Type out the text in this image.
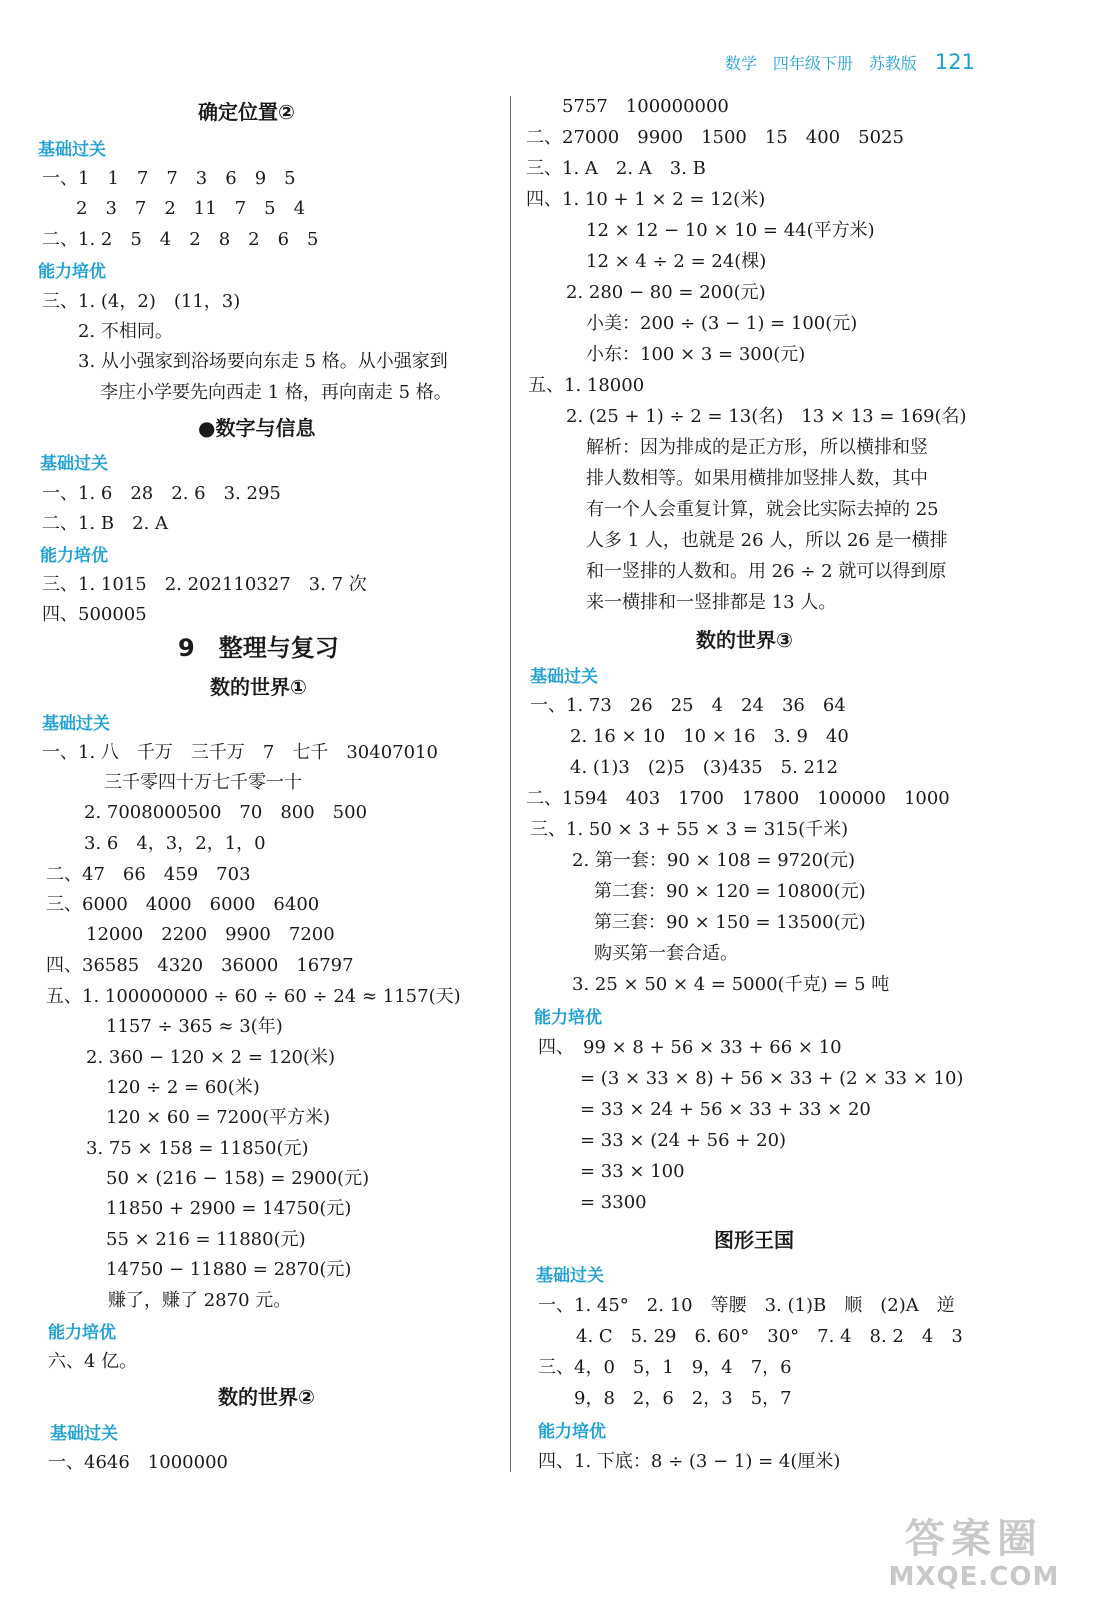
数学 四年级下册 苏教版 121
确定位置②
基础过关
一、1　1　7　7　3　6　9　5
2　3　7　2　11　7　5　4
二、1. 2　5　4　2　8　2　6　5
能力培优
三、1. (4，2)　(11，3)
2. 不相同。
3. 从小强家到浴场要向东走 5 格。从小强家到
李庄小学要先向西走 1 格，再向南走 5 格。
●数字与信息
基础过关
一、1. 6　28　2. 6　3. 295
二、1. B　2. A
能力培优
三、1. 1015　2. 202110327　3. 7 次
四、500005
9　整理与复习
数的世界①
基础过关
一、1. 八　千万　三千万　7　七千　30407010
三千零四十万七千零一十
2. 7008000500　70　800　500
3. 6　4，3，2，1，0
二、47　66　459　703
三、6000　4000　6000　6400
12000　2200　9900　7200
四、36585　4320　36000　16797
五、1. 100000000 ÷ 60 ÷ 60 ÷ 24 ≈ 1157(天)
1157 ÷ 365 ≈ 3(年)
2. 360 − 120 × 2 = 120(米)
120 ÷ 2 = 60(米)
120 × 60 = 7200(平方米)
3. 75 × 158 = 11850(元)
50 × (216 − 158) = 2900(元)
11850 + 2900 = 14750(元)
55 × 216 = 11880(元)
14750 − 11880 = 2870(元)
赚了，赚了 2870 元。
能力培优
六、4 亿。
数的世界②
基础过关
一、4646　1000000
5757　100000000
二、27000　9900　1500　15　400　5025
三、1. A　2. A　3. B
四、1. 10 + 1 × 2 = 12(米)
12 × 12 − 10 × 10 = 44(平方米)
12 × 4 ÷ 2 = 24(棵)
2. 280 − 80 = 200(元)
小美：200 ÷ (3 − 1) = 100(元)
小东：100 × 3 = 300(元)
五、1. 18000
2. (25 + 1) ÷ 2 = 13(名)　13 × 13 = 169(名)
解析：因为排成的是正方形，所以横排和竖
排人数相等。如果用横排加竖排人数，其中
有一个人会重复计算，就会比实际去掉的 25
人多 1 人，也就是 26 人，所以 26 是一横排
和一竖排的人数和。用 26 ÷ 2 就可以得到原
来一横排和一竖排都是 13 人。
数的世界③
基础过关
一、1. 73　26　25　4　24　36　64
2. 16 × 10　10 × 16　3. 9　40
4. (1)3　(2)5　(3)435　5. 212
二、1594　403　1700　17800　100000　1000
三、1. 50 × 3 + 55 × 3 = 315(千米)
2. 第一套：90 × 108 = 9720(元)
第二套：90 × 120 = 10800(元)
第三套：90 × 150 = 13500(元)
购买第一套合适。
3. 25 × 50 × 4 = 5000(千克) = 5 吨
能力培优
四、　99 × 8 + 56 × 33 + 66 × 10
= (3 × 33 × 8) + 56 × 33 + (2 × 33 × 10)
= 33 × 24 + 56 × 33 + 33 × 20
= 33 × (24 + 56 + 20)
= 33 × 100
= 3300
图形王国
基础过关
一、1. 45°　2. 10　等腰　3. (1)B　顺　(2)A　逆
4. C　5. 29　6. 60°　30°　7. 4　8. 2　4　3
三、4，0　5，1　9，4　7，6
9，8　2，6　2，3　5，7
能力培优
四、1. 下底：8 ÷ (3 − 1) = 4(厘米)
答案圈
MXQE.COM
